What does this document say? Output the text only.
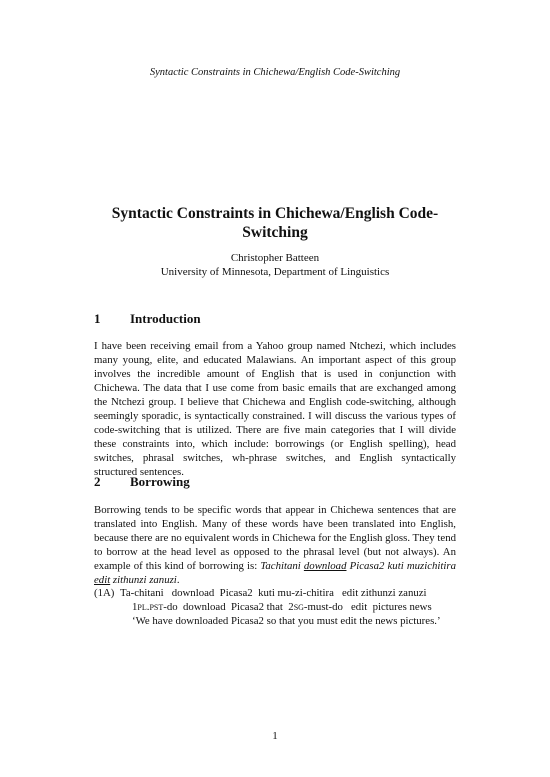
Syntactic Constraints in Chichewa/English Code-Switching
Syntactic Constraints in Chichewa/English Code-Switching
Christopher Batteen
University of Minnesota, Department of Linguistics
1 Introduction
I have been receiving email from a Yahoo group named Ntchezi, which includes many young, elite, and educated Malawians. An important aspect of this group involves the incredible amount of English that is used in conjunction with Chichewa. The data that I use come from basic emails that are exchanged among the Ntchezi group. I believe that Chichewa and English code-switching, although seemingly sporadic, is syntactically constrained. I will discuss the various types of code-switching that is utilized. There are five main categories that I will divide these constraints into, which include: borrowings (or English spelling), head switches, phrasal switches, wh-phrase switches, and English syntactically structured sentences.
2 Borrowing
Borrowing tends to be specific words that appear in Chichewa sentences that are translated into English. Many of these words have been translated into English, because there are no equivalent words in Chichewa for the English gloss. They tend to borrow at the head level as opposed to the phrasal level (but not always). An example of this kind of borrowing is: Tachitani download Picasa2 kuti muzichitira edit zithunzi zanuzi.
(1A) Ta-chitani   download  Picasa2  kuti mu-zi-chitira   edit zithunzi zanuzi
1pl.pst-do  download  Picasa2 that  2sg-must-do   edit  pictures news
‘We have downloaded Picasa2 so that you must edit the news pictures.’
1
